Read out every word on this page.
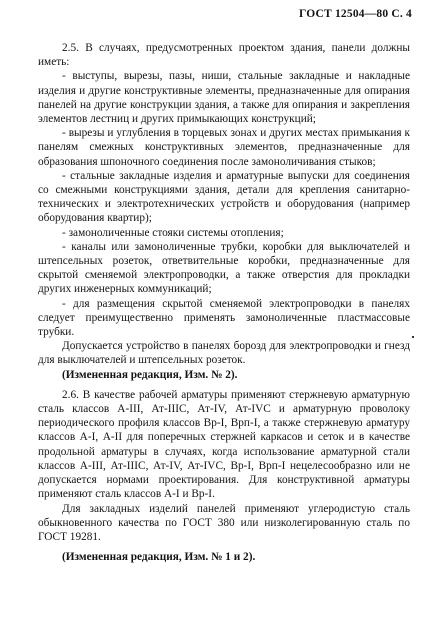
ГОСТ 12504—80 С. 4

2.5. В случаях, предусмотренных проектом здания, панели должны иметь:

- выступы, вырезы, пазы, ниши, стальные закладные и накладные изделия и другие конструктивные элементы, предназначенные для опирания панелей на другие конструкции здания, а также для опирания и закрепления элементов лестниц и других примыкающих конструкций;

- вырезы и углубления в торцевых зонах и других местах примыкания к панелям смежных конструктивных элементов, предназначенные для образования шпоночного соединения после замоноличивания стыков;

- стальные закладные изделия и арматурные выпуски для соединения со смежными конструкциями здания, детали для крепления санитарно-технических и электротехнических устройств и оборудования (например оборудования квартир);

- замоноличенные стояки системы отопления;

- каналы или замоноличенные трубки, коробки для выключателей и штепсельных розеток, ответвительные коробки, предназначенные для скрытой сменяемой электропроводки, а также отверстия для прокладки других инженерных коммуникаций;

- для размещения скрытой сменяемой электропроводки в панелях следует преимущественно применять замоноличенные пластмассовые трубки.

Допускается устройство в панелях борозд для электропроводки и гнезд для выключателей и штепсельных розеток.

(Измененная редакция, Изм. № 2).

2.6. В качестве рабочей арматуры применяют стержневую арматурную сталь классов А-III, Ат-IIIС, Ат-IV, Ат-IVС и арматурную проволоку периодического профиля классов Вр-I, Врп-I, а также стержневую арматуру классов А-I, А-II для поперечных стержней каркасов и сеток и в качестве продольной арматуры в случаях, когда использование арматурной стали классов А-III, Ат-IIIС, Ат-IV, Ат-IVС, Вр-I, Врп-I нецелесообразно или не допускается нормами проектирования. Для конструктивной арматуры применяют сталь классов А-I и Вр-I.

Для закладных изделий панелей применяют углеродистую сталь обыкновенного качества по ГОСТ 380 или низколегированную сталь по ГОСТ 19281.

(Измененная редакция, Изм. № 1 и 2).
